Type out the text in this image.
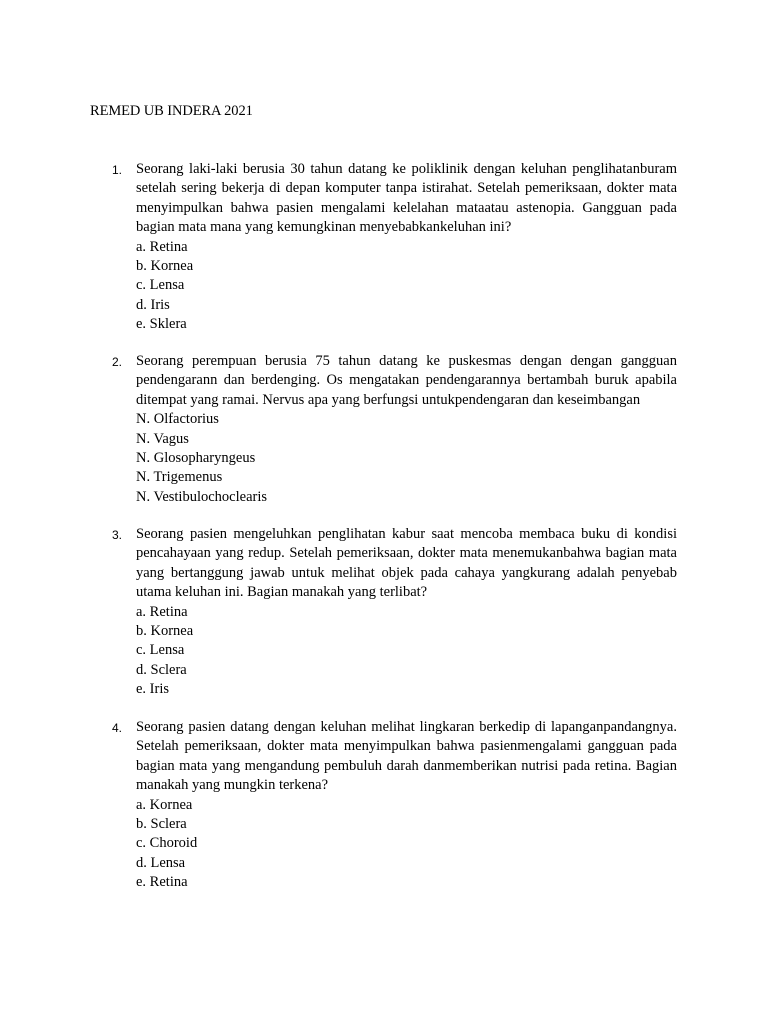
REMED UB INDERA 2021
1. Seorang laki-laki berusia 30 tahun datang ke poliklinik dengan keluhan penglihatanburam setelah sering bekerja di depan komputer tanpa istirahat. Setelah pemeriksaan, dokter mata menyimpulkan bahwa pasien mengalami kelelahan mataatau astenopia. Gangguan pada bagian mata mana yang kemungkinan menyebabkankeluhan ini?

a. Retina
b. Kornea
c. Lensa
d. Iris
e. Sklera
2. Seorang perempuan berusia 75 tahun datang ke puskesmas dengan dengan gangguan pendengarann dan berdenging. Os mengatakan pendengarannya bertambah buruk apabila ditempat yang ramai. Nervus apa yang berfungsi untukpendengaran dan keseimbangan

N. Olfactorius
N. Vagus
N. Glosopharyngeus
N. Trigemenus
N. Vestibulochoclearis
3. Seorang pasien mengeluhkan penglihatan kabur saat mencoba membaca buku di kondisi pencahayaan yang redup. Setelah pemeriksaan, dokter mata menemukanbahwa bagian mata yang bertanggung jawab untuk melihat objek pada cahaya yangkurang adalah penyebab utama keluhan ini. Bagian manakah yang terlibat?

a. Retina
b. Kornea
c. Lensa
d. Sclera
e. Iris
4. Seorang pasien datang dengan keluhan melihat lingkaran berkedip di lapanganpandangnya. Setelah pemeriksaan, dokter mata menyimpulkan bahwa pasienmengalami gangguan pada bagian mata yang mengandung pembuluh darah danmemberikan nutrisi pada retina. Bagian manakah yang mungkin terkena?

a. Kornea
b. Sclera
c. Choroid
d. Lensa
e. Retina
